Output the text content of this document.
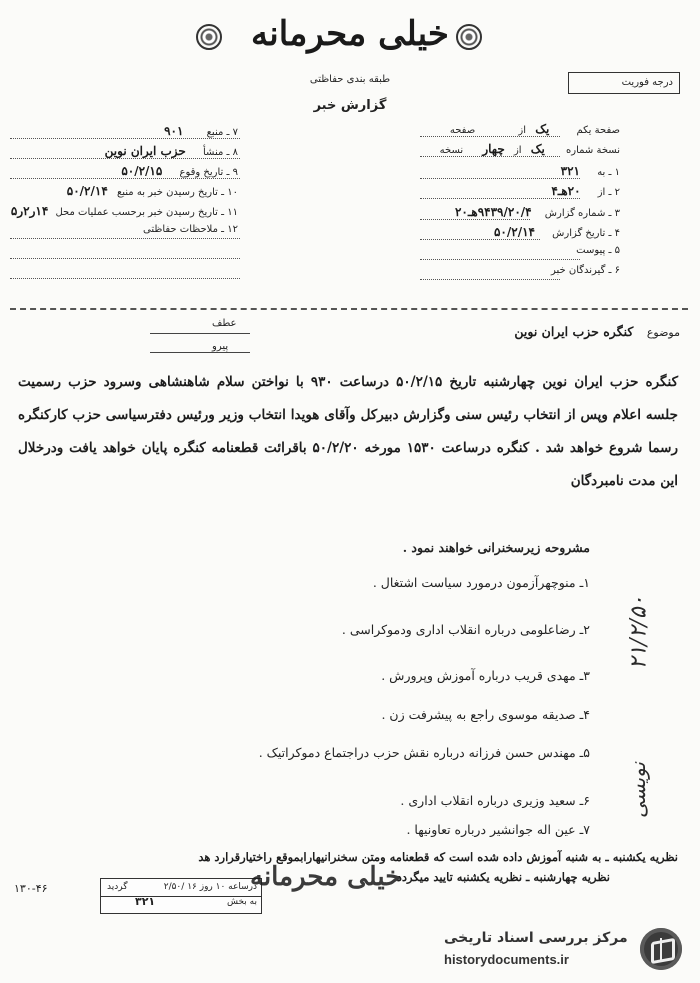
خیلی محرمانه
درجه فوریت
طبقه بندی حفاظتی
گزارش خبر
صفحة یکم یک از صفحه
نسخة شماره یک از چهار نسخه
۱ ـ به ۳۲۱
۲ ـ از ۲۰هـ۴
۳ ـ شماره گزارش ۹۴۳۹/۲۰/۴هـ۲۰
۴ ـ تاریخ گزارش ۵۰/۲/۱۴
۵ ـ پیوست
۶ ـ گیرندگان خبر
۷ ـ منبع ۹۰۱
۸ ـ منشأ حزب ایران نوین
۹ ـ تاریخ وقوع ۵۰/۲/۱۵
۱۰ ـ تاریخ رسیدن خبر به منبع ۵۰/۲/۱۴
۱۱ ـ تاریخ رسیدن خبر برحسب عملیات محل ۱۴ر۲ر۵
۱۲ ـ ملاحظات حفاظتی
عطف
پیرو
موضوع کنگره حزب ایران نوین
کنگره حزب ایران نوین چهارشنبه تاریخ ۵۰/۲/۱۵ درساعت ۹۳۰ با نواختن سلام شاهنشاهی وسرود حزب رسمیت جلسه اعلام وپس از انتخاب رئیس سنی وگزارش دبیرکل وآقای هویدا انتخاب وزیر ورئیس دفترسیاسی حزب کارکنگره رسما شروع خواهد شد . کنگره درساعت ۱۵۳۰ مورخه ۵۰/۲/۲۰ باقرائت قطعنامه کنگره پایان خواهد یافت ودرخلال این مدت نامبردگان
مشروحه زیرسخنرانی خواهند نمود .
۱ـ منوچهرآزمون درمورد سیاست اشتغال .
۲ـ رضاعلومی درباره انقلاب اداری ودموکراسی .
۳ـ مهدی قریب درباره آموزش وپرورش .
۴ـ صدیقه موسوی راجع به پیشرفت زن .
۵ـ مهندس حسن فرزانه درباره نقش حزب دراجتماع دموکراتیک .
۶ـ سعید وزیری درباره انقلاب اداری .
۷ـ عین اله جوانشیر درباره تعاونیها .
نظریه یکشنبه ـ به شنبه آموزش داده شده است که قطعنامه ومتن سخنرانیهارابموقع راختیارقرارد هد
نظریه چهارشنبه ـ نظریه یکشنبه تایید میگردد
۱۳۰-۴۶
۲۱/۲/۵۰
نویسی
درساعه ۱۰ روز ۱۶ /۲/۵۰
به بخش
۳۲۱
گردید	خیلی محرمانه
مرکز بررسی اسناد تاریخی
historydocuments.ir
